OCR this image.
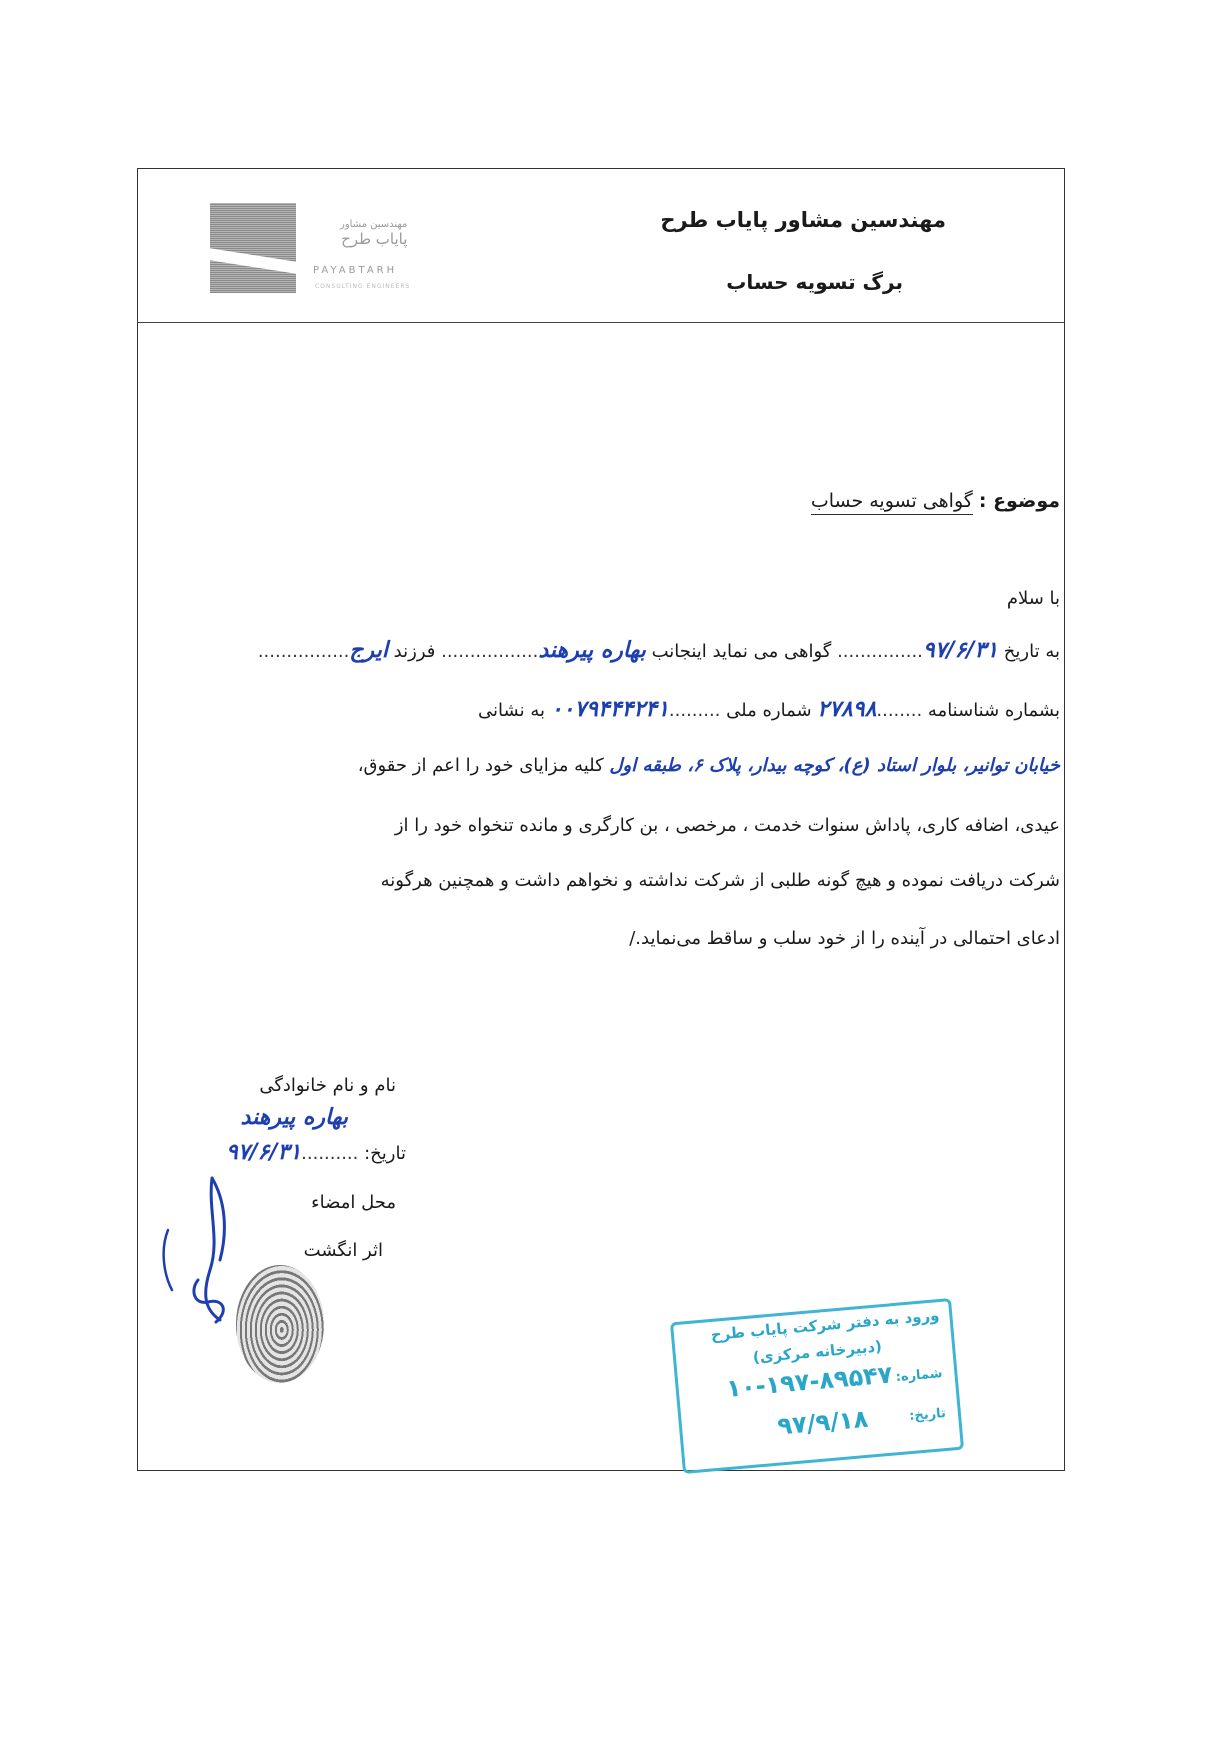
مهندسین مشاور پایاب طرح
برگ تسویه حساب
مهندسین مشاور
پایاب طرح
PAYABTARH
CONSULTING ENGINEERS
موضوع : گواهی تسویه حساب
با سلام
به تاریخ ۹۷/۶/۳۱............... گواهی می نماید اینجانب بهاره پیرهند................. فرزند ایرج................
بشماره شناسنامه ........۲۷۸۹۸ شماره ملی .........۰۰۷۹۴۴۴۲۴۱ به نشانی
خیابان توانیر، بلوار استاد (ع)، کوچه بیدار، پلاک ۶، طبقه اول کلیه مزایای خود را اعم از حقوق،
عیدی، اضافه کاری، پاداش سنوات خدمت ، مرخصی ، بن کارگری و مانده تنخواه خود را از
شرکت دریافت نموده و هیچ گونه طلبی از شرکت نداشته و نخواهم داشت و همچنین هرگونه
ادعای احتمالی در آینده را از خود سلب و ساقط می‌نماید./
نام و نام خانوادگی
بهاره پیرهند
تاریخ: ..........۹۷/۶/۳۱
محل امضاء
اثر انگشت
ورود به دفتر شرکت پایاب طرح
(دبیرخانه مرکزی)
شماره:
۱۰-۱۹۷-۸۹۵۴۷
تاریخ:
۹۷/۹/۱۸
